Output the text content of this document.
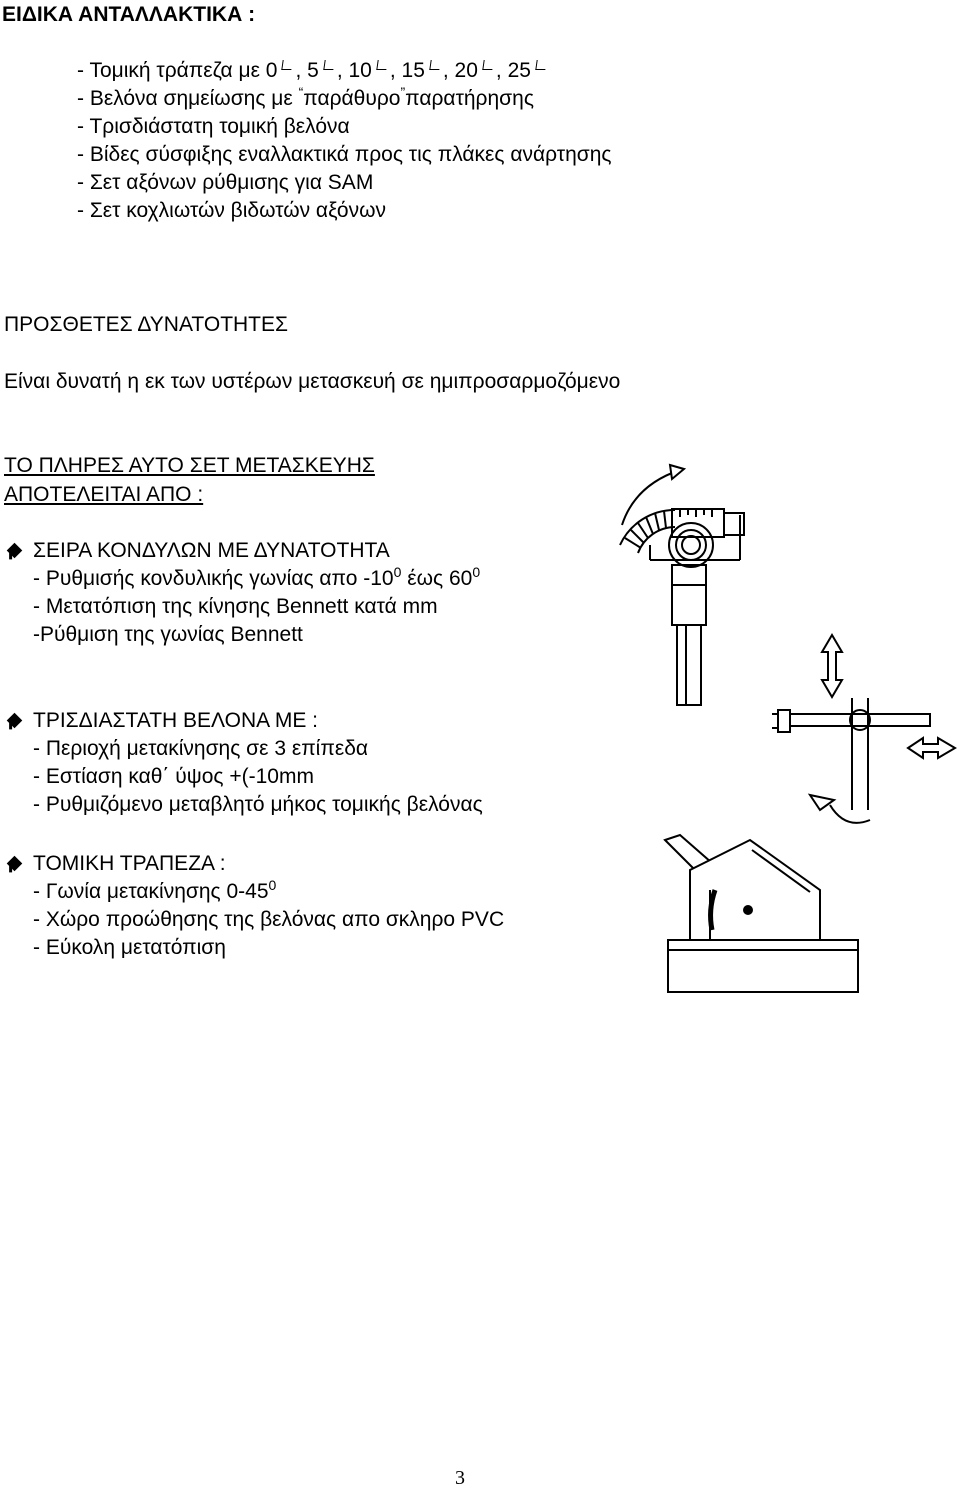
ΕΙΔΙΚΑ ΑΝΤΑΛΛΑΚΤΙΚΑ :
- Τομική τράπεζα με 0 , 5 , 10 , 15 , 20 , 25
- Βελόνα σημείωσης με “παράθυρο”παρατήρησης
- Τρισδιάστατη τομική βελόνα
- Βίδες σύσφιξης εναλλακτικά προς τις πλάκες ανάρτησης
- Σετ αξόνων ρύθμισης για SAM
- Σετ κοχλιωτών βιδωτών αξόνων
ΠΡΟΣΘΕΤΕΣ ΔΥΝΑΤΟΤΗΤΕΣ
Είναι δυνατή η εκ των υστέρων μετασκευή σε ημιπροσαρμοζόμενο
ΤΟ ΠΛΗΡΕΣ ΑΥΤΟ ΣΕΤ ΜΕΤΑΣΚΕΥΗΣ
ΑΠΟΤΕΛΕΙΤΑΙ ΑΠΟ :
ΣΕΙΡΑ ΚΟΝΔΥΛΩΝ ΜΕ ΔΥΝΑΤΟΤΗΤΑ
- Ρυθμισής κονδυλικής γωνίας απο $-10^0$ έως $60^0$
- Μετατόπιση της κίνησης Bennett κατά mm
-Ρύθμιση της γωνίας Bennett
ΤΡΙΣΔΙΑΣΤΑΤΗ ΒΕΛΟΝΑ ΜΕ :
- Περιοχή μετακίνησης σε 3 επίπεδα
- Εστίαση καθ΄ ύψος +(-10mm
- Ρυθμιζόμενο μεταβλητό μήκος τομικής βελόνας
ΤΟΜΙΚΗ ΤΡΑΠΕΖΑ :
- Γωνία μετακίνησης $0-45^0$
- Χώρο προώθησης της βελόνας απο σκληρο PVC
- Εύκολη μετατόπιση
3
